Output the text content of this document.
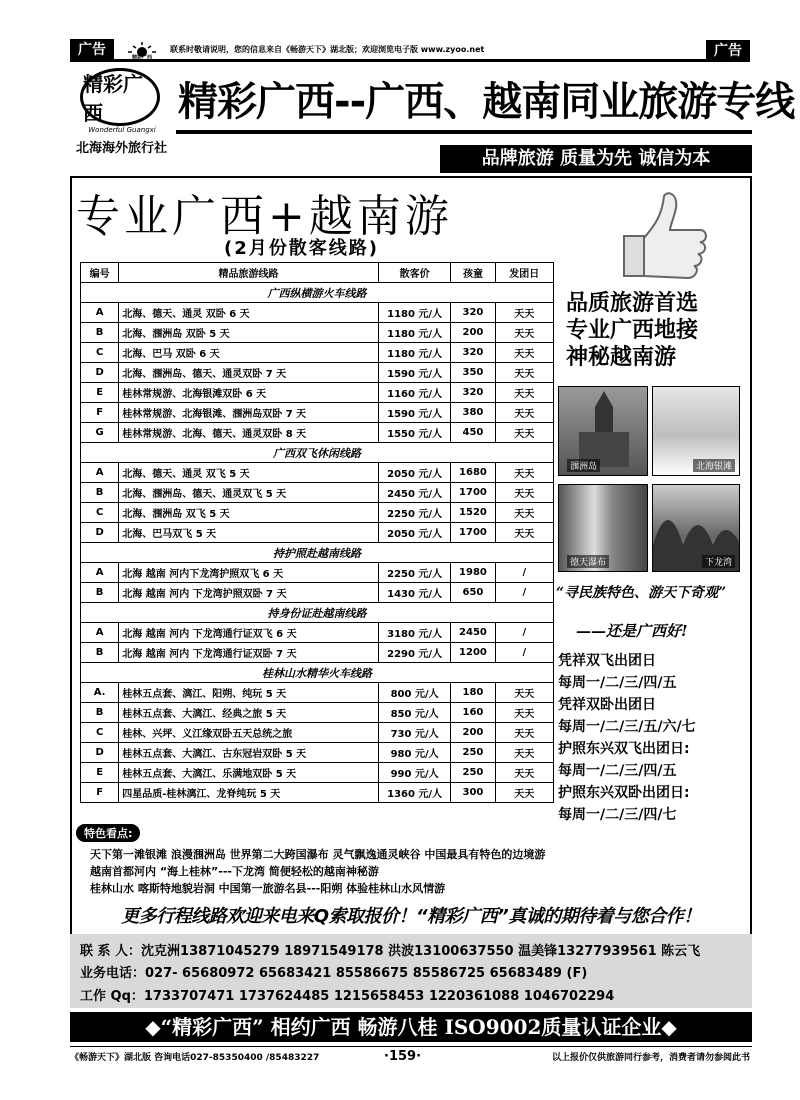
广告	精彩广西
联系时敬请说明，您的信息来自《畅游天下》湖北版；欢迎浏览电子版 www.zyoo.net	广告
精彩广西
Wonderful Guangxi
北海海外旅行社
精彩广西--广西、越南同业旅游专线
品牌旅游 质量为先 诚信为本
专业广西+越南游
(2月份散客线路)
编号	精品旅游线路	散客价	孩童	发团日
广西纵横游火车线路				
A	北海、德天、通灵 双卧 6 天	1180 元/人	320	天天
B	北海、涠洲岛 双卧 5 天	1180 元/人	200	天天
C	北海、巴马 双卧 6 天	1180 元/人	320	天天
D	北海、涠洲岛、德天、通灵双卧 7 天	1590 元/人	350	天天
E	桂林常规游、北海银滩双卧 6 天	1160 元/人	320	天天
F	桂林常规游、北海银滩、涠洲岛双卧 7 天	1590 元/人	380	天天
G	桂林常规游、北海、德天、通灵双卧 8 天	1550 元/人	450	天天
广西双飞休闲线路				
A	北海、德天、通灵 双飞 5 天	2050 元/人	1680	天天
B	北海、涠洲岛、德天、通灵双飞 5 天	2450 元/人	1700	天天
C	北海、涠洲岛 双飞 5 天	2250 元/人	1520	天天
D	北海、巴马双飞 5 天	2050 元/人	1700	天天
持护照赴越南线路				
A	北海 越南 河内下龙湾护照双飞 6 天	2250 元/人	1980	/
B	北海 越南 河内 下龙湾护照双卧 7 天	1430 元/人	650	/
持身份证赴越南线路				
A	北海 越南 河内 下龙湾通行证双飞 6 天	3180 元/人	2450	/
B	北海 越南 河内 下龙湾通行证双卧 7 天	2290 元/人	1200	/
桂林山水精华火车线路				
A.	桂林五点套、漓江、阳朔、纯玩 5 天	800 元/人	180	天天
B	桂林五点套、大漓江、经典之旅 5 天	850 元/人	160	天天
C	桂林、兴坪、义江缘双卧五天总统之旅	730 元/人	200	天天
D	桂林五点套、大漓江、古东冠岩双卧 5 天	980 元/人	250	天天
E	桂林五点套、大漓江、乐满地双卧 5 天	990 元/人	250	天天
F	四星品质-桂林漓江、龙脊纯玩 5 天	1360 元/人	300	天天
品质旅游首选
专业广西地接
神秘越南游
涠洲岛	北海银滩
德天瀑布	下龙湾
“寻民族特色、游天下奇观”
——还是广西好!
凭祥双飞出团日
每周一/二/三/四/五
凭祥双卧出团日
每周一/二/三/五/六/七
护照东兴双飞出团日:
每周一/二/三/四/五
护照东兴双卧出团日:
每周一/二/三/四/七
特色看点:
天下第一滩银滩 浪漫涠洲岛 世界第二大跨国瀑布 灵气飘逸通灵峡谷 中国最具有特色的边境游
越南首都河内 “海上桂林”---下龙湾 简便轻松的越南神秘游
桂林山水 喀斯特地貌岩洞 中国第一旅游名县---阳朔 体验桂林山水风情游
更多行程线路欢迎来电来Q索取报价！“精彩广西”真诚的期待着与您合作！
联 系 人：沈克洲13871045279 18971549178 洪波13100637550 温美锋13277939561 陈云飞
业务电话：027- 65680972 65683421 85586675 85586725 65683489 (F)
工作 Qq：1733707471 1737624485 1215658453 1220361088 1046702294
◆“精彩广西” 相约广西 畅游八桂 ISO9002质量认证企业◆
《畅游天下》湖北版 咨询电话027-85350400 /85483227	·159·	以上报价仅供旅游同行参考，消费者请勿参阅此书
